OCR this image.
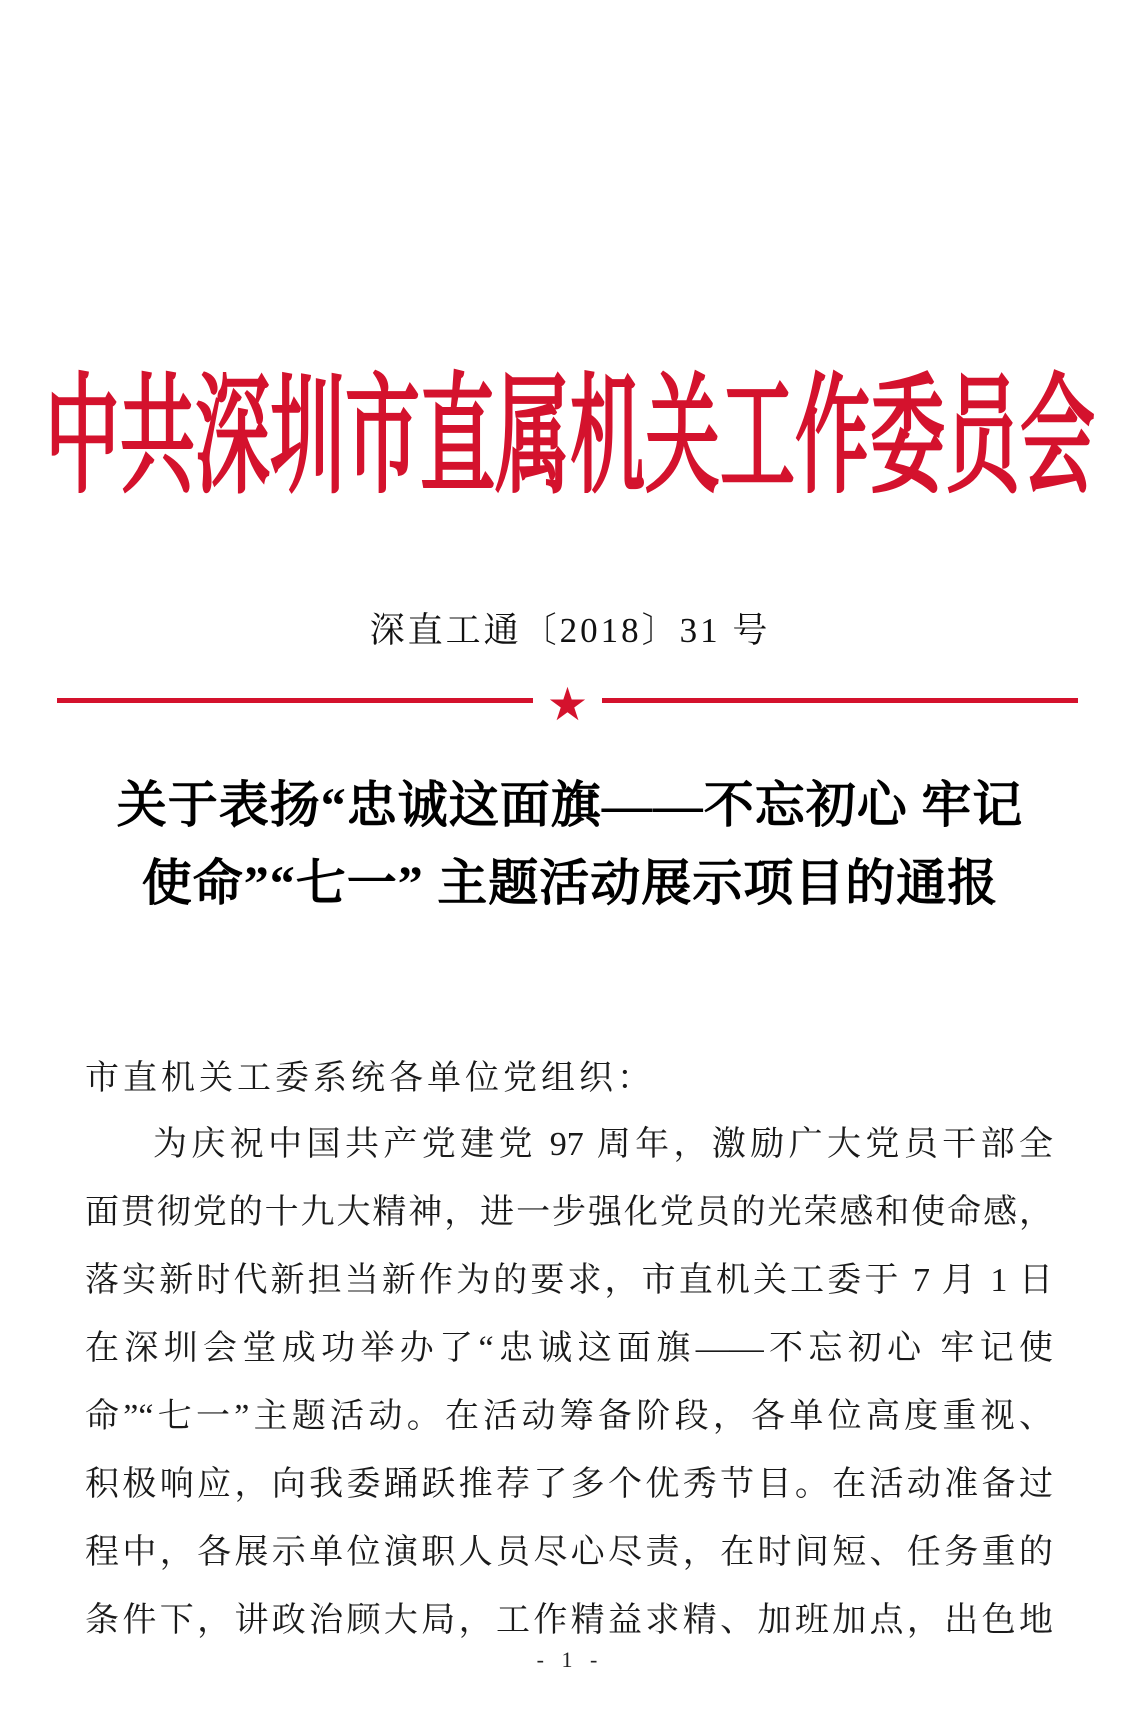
中共深圳市直属机关工作委员会
深直工通〔2018〕31 号
★
关于表扬“忠诚这面旗——不忘初心 牢记
使命”“七一” 主题活动展示项目的通报
市直机关工委系统各单位党组织：
为庆祝中国共产党建党 97 周年，激励广大党员干部全
面贯彻党的十九大精神，进一步强化党员的光荣感和使命感，
落实新时代新担当新作为的要求，市直机关工委于 7 月 1 日
在深圳会堂成功举办了“忠诚这面旗——不忘初心 牢记使
命”“七一”主题活动。在活动筹备阶段，各单位高度重视、
积极响应，向我委踊跃推荐了多个优秀节目。在活动准备过
程中，各展示单位演职人员尽心尽责，在时间短、任务重的
条件下，讲政治顾大局，工作精益求精、加班加点，出色地
- 1 -
